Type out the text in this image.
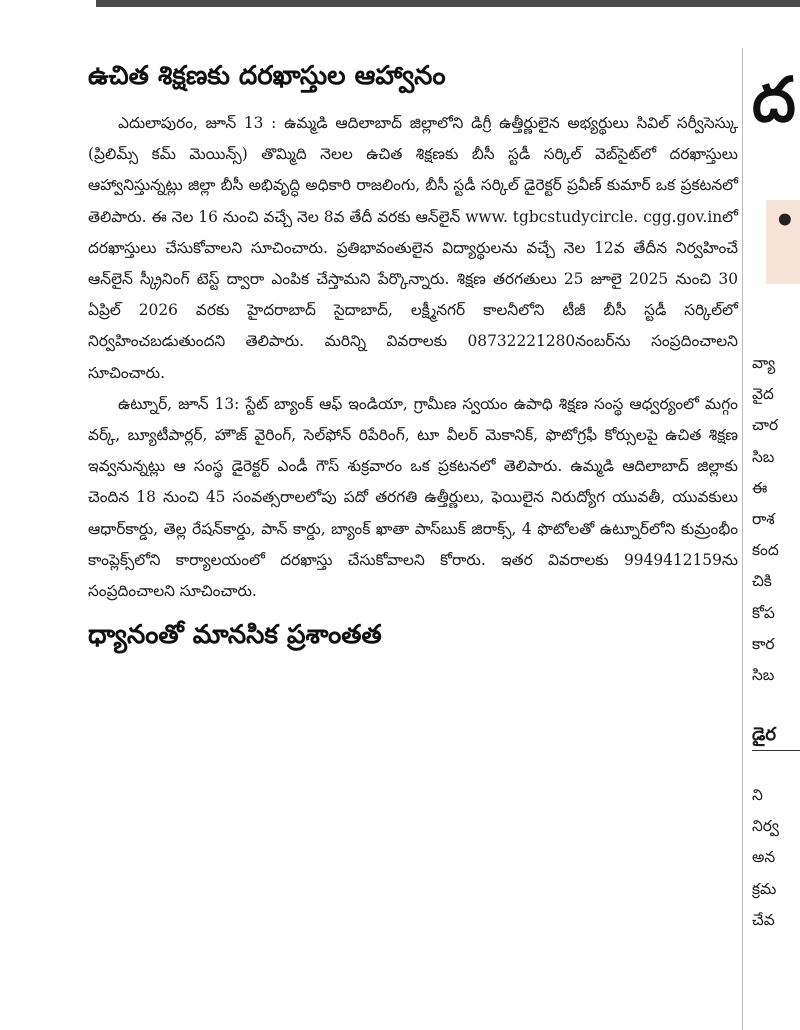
ఉచిత శిక్షణకు దరఖాస్తుల ఆహ్వానం

ఎదులాపురం, జూన్ 13 : ఉమ్మడి ఆదిలాబాద్ జిల్లాలోని డిగ్రీ ఉత్తీర్ణులైన అభ్యర్థులు సివిల్ సర్వీసెస్కు (ప్రిలిమ్స్ కమ్ మెయిన్స్) తొమ్మిది నెలల ఉచిత శిక్షణకు బీసీ స్టడీ సర్కిల్ వెబ్‌సైట్‌లో దరఖాస్తులు ఆహ్వానిస్తున్నట్లు జిల్లా బీసీ అభివృద్ధి అధికారి రాజలింగు, బీసీ స్టడీ సర్కిల్ డైరెక్టర్ ప్రవీణ్ కుమార్ ఒక ప్రకటనలో తెలిపారు. ఈ నెల 16 నుంచి వచ్చే నెల 8వ తేదీ వరకు ఆన్‌లైన్ www. tgbcstudycircle. cgg.gov.inలో దరఖాస్తులు చేసుకోవాలని సూచించారు. ప్రతిభావంతులైన విద్యార్థులను వచ్చే నెల 12వ తేదీన నిర్వహించే ఆన్‌లైన్ స్క్రీనింగ్ టెస్ట్ ద్వారా ఎంపిక చేస్తామని పేర్కొన్నారు. శిక్షణ తరగతులు 25 జూలై 2025 నుంచి 30 ఏప్రిల్ 2026 వరకు హైదరాబాద్ సైదాబాద్, లక్ష్మీనగర్ కాలనీలోని టీజీ బీసీ స్టడీ సర్కిల్‌లో నిర్వహించబడుతుందని తెలిపారు. మరిన్ని వివరాలకు 08732221280నంబర్‌ను సంప్రదించాలని సూచించారు.

ఉట్నూర్, జూన్ 13: స్టేట్ బ్యాంక్ ఆఫ్ ఇండియా, గ్రామీణ స్వయం ఉపాధి శిక్షణ సంస్థ ఆధ్వర్యంలో మగ్గం వర్క్, బ్యూటీపార్లర్, హౌజ్ వైరింగ్, సెల్‌ఫోన్ రిపేరింగ్, టూ వీలర్ మెకానిక్, ఫొటోగ్రఫీ కోర్సులపై ఉచిత శిక్షణ ఇవ్వనున్నట్లు ఆ సంస్థ డైరెక్టర్ ఎండీ గౌస్ శుక్రవారం ఒక ప్రకటనలో తెలిపారు. ఉమ్మడి ఆదిలాబాద్ జిల్లాకు చెందిన 18 నుంచి 45 సంవత్సరాలలోపు పదో తరగతి ఉత్తీర్ణులు, ఫెయిలైన నిరుద్యోగ యువతీ, యువకులు ఆధార్‌కార్డు, తెల్ల రేషన్‌కార్డు, పాన్ కార్డు, బ్యాంక్ ఖాతా పాస్‌బుక్ జిరాక్స్, 4 ఫొటోలతో ఉట్నూర్‌లోని కుమ్రంభీం కాంప్లెక్స్‌లోని కార్యాలయంలో దరఖాస్తు చేసుకోవాలని కోరారు. ఇతర వివరాలకు 9949412159ను సంప్రదించాలని సూచించారు.

ధ్యానంతో మానసిక ప్రశాంతత
ద
•
వ్యా
వైద
చార
సిబ
ఈ
రాశ
కంద
చికి
కోప
కార
సిబ
డైర
ని
నిర్వ
అన
క్రమ
చేవ
